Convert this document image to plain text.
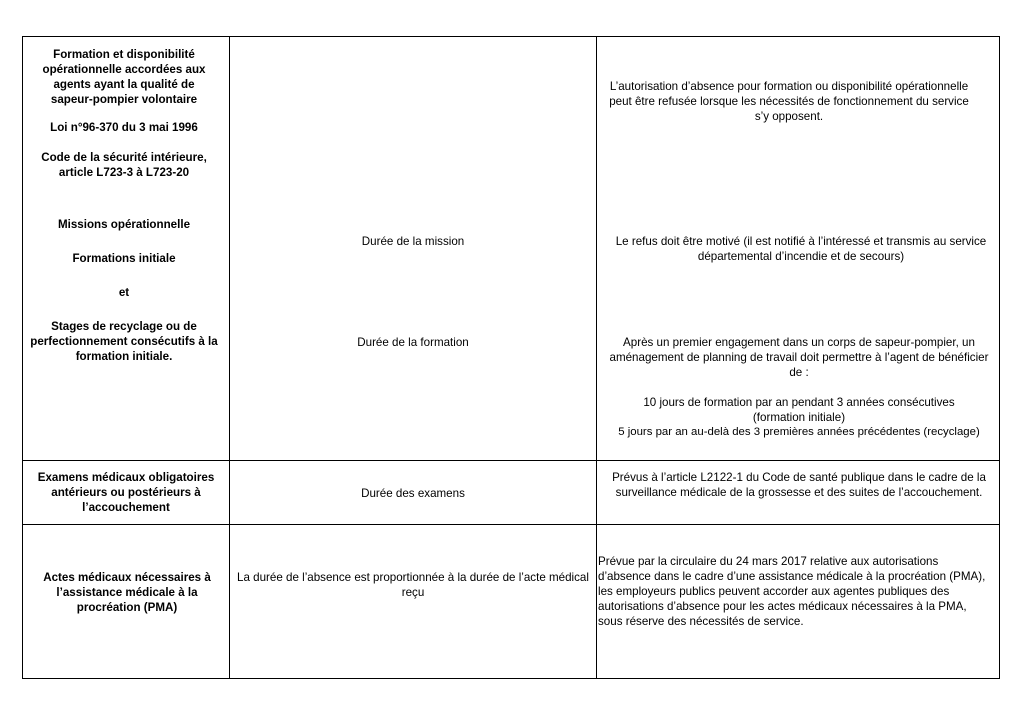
Formation et disponibilité opérationnelle accordées aux agents ayant la qualité de sapeur-pompier volontaire
Loi n°96-370 du 3 mai 1996
Code de la sécurité intérieure, article L723-3 à L723-20
Missions opérationnelle
Formations initiale
et
Stages de recyclage ou de perfectionnement consécutifs à la formation initiale.
Durée de la mission
Durée de la formation
L’autorisation d’absence pour formation ou disponibilité opérationnelle peut être refusée lorsque les nécessités de fonctionnement du service s’y opposent.
Le refus doit être motivé (il est notifié à l’intéressé et transmis au service départemental d’incendie et de secours)
Après un premier engagement dans un corps de sapeur-pompier, un aménagement de planning de travail doit permettre à l’agent de bénéficier de :
10 jours de formation par an pendant 3 années consécutives (formation initiale)
5 jours par an au-delà des 3 premières années précédentes (recyclage)
Examens médicaux obligatoires antérieurs ou postérieurs à l’accouchement
Durée des examens
Prévus à l’article L2122-1 du Code de santé publique dans le cadre de la surveillance médicale de la grossesse et des suites de l’accouchement.
Actes médicaux nécessaires à l’assistance médicale à la procréation (PMA)
La durée de l’absence est proportionnée à la durée de l’acte médical reçu
Prévue par la circulaire du 24 mars 2017 relative aux autorisations d’absence dans le cadre d’une assistance médicale à la procréation (PMA), les employeurs publics peuvent accorder aux agentes publiques des autorisations d’absence pour les actes médicaux nécessaires à la PMA, sous réserve des nécessités de service.
